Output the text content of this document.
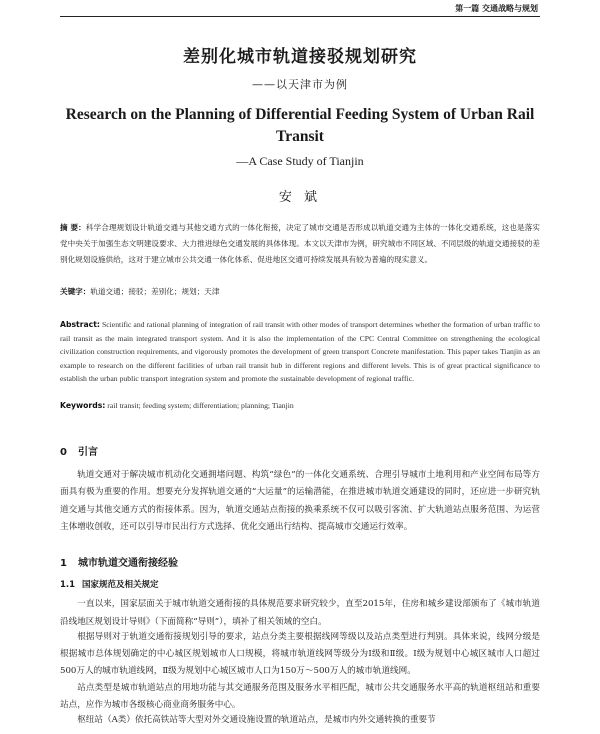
第一篇 交通战略与规划
差别化城市轨道接驳规划研究
——以天津市为例
Research on the Planning of Differential Feeding System of Urban Rail Transit
—A Case Study of Tianjin
安 斌
摘 要：科学合理规划设计轨道交通与其他交通方式的一体化衔接，决定了城市交通是否形成以轨道交通为主体的一体化交通系统，这也是落实党中央关于加强生态文明建设要求、大力推进绿色交通发展的具体体现。本文以天津市为例，研究城市不同区域、不同层级的轨道交通接驳的差别化规划设施供给，这对于建立城市公共交通一体化体系、促进地区交通可持续发展具有较为普遍的现实意义。
关键字：轨道交通；接驳；差别化；规划；天津
Abstract: Scientific and rational planning of integration of rail transit with other modes of transport determines whether the formation of urban traffic to rail transit as the main integrated transport system. And it is also the implementation of the CPC Central Committee on strengthening the ecological civilization construction requirements, and vigorously promotes the development of green transport Concrete manifestation. This paper takes Tianjin as an example to research on the different facilities of urban rail transit hub in different regions and different levels. This is of great practical significance to establish the urban public transport integration system and promote the sustainable development of regional traffic.
Keywords: rail transit; feeding system; differentiation; planning; Tianjin
0 引言
轨道交通对于解决城市机动化交通拥堵问题、构筑“绿色”的一体化交通系统、合理引导城市土地利用和产业空间布局等方面具有极为重要的作用。想要充分发挥轨道交通的“大运量”的运输潜能，在推进城市轨道交通建设的同时，还应进一步研究轨道交通与其他交通方式的衔接体系。因为，轨道交通站点衔接的换乘系统不仅可以吸引客流、扩大轨道站点服务范围、为运营主体增收创收，还可以引导市民出行方式选择、优化交通出行结构、提高城市交通运行效率。
1 城市轨道交通衔接经验
1.1 国家规范及相关规定
一直以来，国家层面关于城市轨道交通衔接的具体规范要求研究较少，直至2015年，住房和城乡建设部颁布了《城市轨道沿线地区规划设计导则》（下面简称“导则”），填补了相关领域的空白。
根据导则对于轨道交通衔接规划引导的要求，站点分类主要根据线网等级以及站点类型进行判别。具体来说，线网分级是根据城市总体规划确定的中心城区规划城市人口规模，将城市轨道线网等级分为Ⅰ级和Ⅱ级。Ⅰ级为规划中心城区城市人口超过500万人的城市轨道线网，Ⅱ级为规划中心城区城市人口为150万～500万人的城市轨道线网。
站点类型是城市轨道站点的用地功能与其交通服务范围及服务水平相匹配，城市公共交通服务水平高的轨道枢纽站和重要站点，应作为城市各级核心商业商务服务中心。
枢纽站（A类）依托高铁站等大型对外交通设施设置的轨道站点，是城市内外交通转换的重要节
